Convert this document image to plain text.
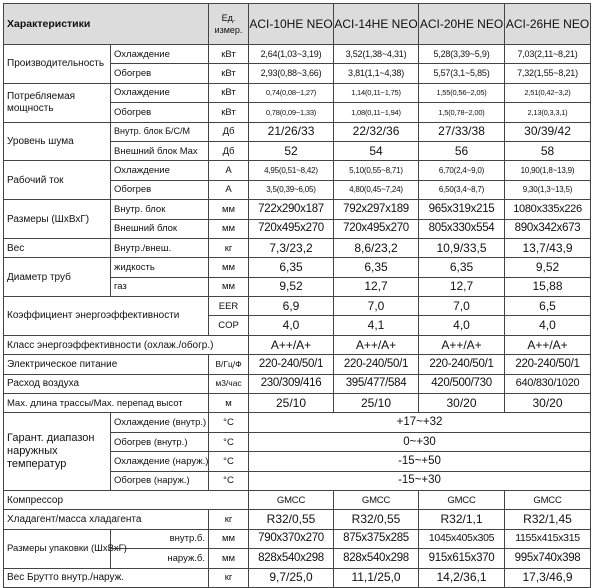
Характеристики		Ед. измер.	ACI-10HE NEO	ACI-14HE NEO	ACI-20HE NEO	ACI-26HE NEO
Производительность	Охлаждение	кВт	2,64(1,03~3,19)	3,52(1,38~4,31)	5,28(3,39~5,9)	7,03(2,11~8,21)
	Обогрев	кВт	2,93(0,88~3,66)	3,81(1,1~4,38)	5,57(3,1~5,85)	7,32(1,55~8,21)
Потребляемая мощность	Охлаждение	кВт	0,74(0,08~1,27)	1,14(0,11~1,75)	1,55(0,56~2,05)	2,51(0,42~3,2)
	Обогрев	кВт	0,78(0,09~1,33)	1,08(0,11~1,94)	1,5(0,78~2,00)	2,13(0,3,3,1)
Уровень шума	Внутр. блок Б/С/М	Дб	21/26/33	22/32/36	27/33/38	30/39/42
	Внешний блок Max	Дб	52	54	56	58
Рабочий ток	Охлаждение	А	4,95(0,51~8,42)	5,10(0,55~8,71)	6,70(2,4~9,0)	10,90(1,8~13,9)
	Обогрев	А	3,5(0,39~6,05)	4,80(0,45~7,24)	6,50(3,4~8,7)	9,30(1,3~13,5)
Размеры (ШхВхГ)	Внутр. блок	мм	722x290x187	792x297x189	965x319x215	1080x335x226
	Внешний блок	мм	720x495x270	720x495x270	805x330x554	890x342x673
Вес	Внутр./внеш.	кг	7,3/23,2	8,6/23,2	10,9/33,5	13,7/43,9
Диаметр труб	жидкость	мм	6,35	6,35	6,35	9,52
	газ	мм	9,52	12,7	12,7	15,88
Коэффициент энергоэффективности		EER	6,9	7,0	7,0	6,5
		COP	4,0	4,1	4,0	4,0
Класс энергоэффективности (охлаж./обогр.)			A++/A+	A++/A+	A++/A+	A++/A+
Электрическое питание		В/Гц/Ф	220-240/50/1	220-240/50/1	220-240/50/1	220-240/50/1
Расход воздуха		м3/час	230/309/416	395/477/584	420/500/730	640/830/1020
Max. длина трассы/Max. перепад высот		м	25/10	25/10	30/20	30/20
Гарант. диапазон наружных температур	Охлаждение (внутр.)	°C	+17~+32			
	Обогрев (внутр.)	°C	0~+30			
	Охлаждение (наруж.)	°C	-15~+50			
	Обогрев (наруж.)	°C	-15~+30			
Компрессор			GMCC	GMCC	GMCC	GMCC
Хладагент/масса хладагента		кг	R32/0,55	R32/0,55	R32/1,1	R32/1,45
Размеры упаковки (ШхВхГ)	внутр.б.	мм	790x370x270	875x375x285	1045x405x305	1155x415x315
	наруж.б.	мм	828x540x298	828x540x298	915x615x370	995x740x398
Вес Брутто внутр./наруж.		кг	9,7/25,0	11,1/25,0	14,2/36,1	17,3/46,9
